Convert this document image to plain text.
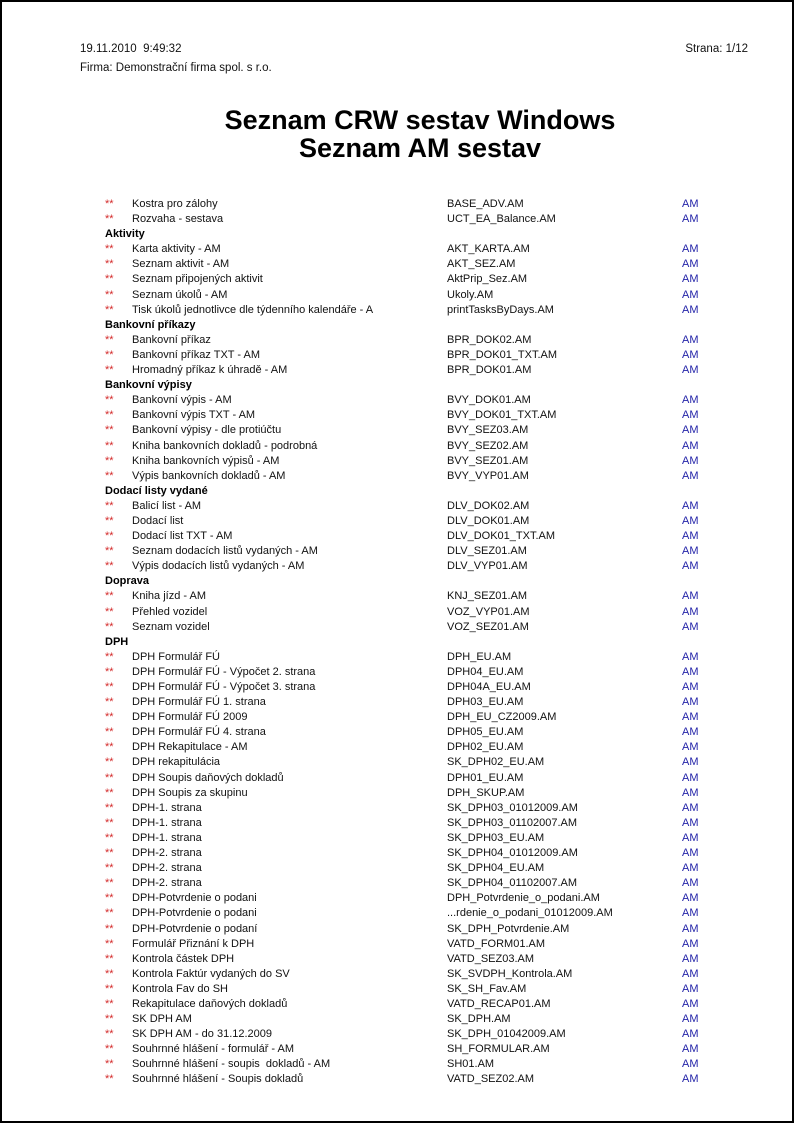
19.11.2010  9:49:32	Strana: 1/12
Firma: Demonstrační firma spol. s r.o.
Seznam CRW sestav Windows
Seznam AM sestav
** Kostra pro zálohy	BASE_ADV.AM	AM
** Rozvaha - sestava	UCT_EA_Balance.AM	AM
Aktivity
** Karta aktivity - AM	AKT_KARTA.AM	AM
** Seznam aktivit - AM	AKT_SEZ.AM	AM
** Seznam připojených aktivit	AktPrip_Sez.AM	AM
** Seznam úkolů - AM	Ukoly.AM	AM
** Tisk úkolů jednotlivce dle týdenního kalendáře - A	printTasksByDays.AM	AM
Bankovní příkazy
** Bankovní příkaz	BPR_DOK02.AM	AM
** Bankovní příkaz TXT - AM	BPR_DOK01_TXT.AM	AM
** Hromadný příkaz k úhradě - AM	BPR_DOK01.AM	AM
Bankovní výpisy
** Bankovní výpis - AM	BVY_DOK01.AM	AM
** Bankovní výpis TXT - AM	BVY_DOK01_TXT.AM	AM
** Bankovní výpisy - dle protiúčtu	BVY_SEZ03.AM	AM
** Kniha bankovních dokladů - podrobná	BVY_SEZ02.AM	AM
** Kniha bankovních výpisů - AM	BVY_SEZ01.AM	AM
** Výpis bankovních dokladů - AM	BVY_VYP01.AM	AM
Dodací listy vydané
** Balicí list - AM	DLV_DOK02.AM	AM
** Dodací list	DLV_DOK01.AM	AM
** Dodací list TXT - AM	DLV_DOK01_TXT.AM	AM
** Seznam dodacích listů vydaných - AM	DLV_SEZ01.AM	AM
** Výpis dodacích listů vydaných - AM	DLV_VYP01.AM	AM
Doprava
** Kniha jízd - AM	KNJ_SEZ01.AM	AM
** Přehled vozidel	VOZ_VYP01.AM	AM
** Seznam vozidel	VOZ_SEZ01.AM	AM
DPH
** DPH Formulář FÚ	DPH_EU.AM	AM
** DPH Formulář FÚ - Výpočet 2. strana	DPH04_EU.AM	AM
** DPH Formulář FÚ - Výpočet 3. strana	DPH04A_EU.AM	AM
** DPH Formulář FÚ 1. strana	DPH03_EU.AM	AM
** DPH Formulář FÚ 2009	DPH_EU_CZ2009.AM	AM
** DPH Formulář FÚ 4. strana	DPH05_EU.AM	AM
** DPH Rekapitulace - AM	DPH02_EU.AM	AM
** DPH rekapitulácia	SK_DPH02_EU.AM	AM
** DPH Soupis daňových dokladů	DPH01_EU.AM	AM
** DPH Soupis za skupinu	DPH_SKUP.AM	AM
** DPH-1. strana	SK_DPH03_01012009.AM	AM
** DPH-1. strana	SK_DPH03_01102007.AM	AM
** DPH-1. strana	SK_DPH03_EU.AM	AM
** DPH-2. strana	SK_DPH04_01012009.AM	AM
** DPH-2. strana	SK_DPH04_EU.AM	AM
** DPH-2. strana	SK_DPH04_01102007.AM	AM
** DPH-Potvrdenie o podani	DPH_Potvrdenie_o_podani.AM	AM
** DPH-Potvrdenie o podani	...rdenie_o_podani_01012009.AM	AM
** DPH-Potvrdenie o podaní	SK_DPH_Potvrdenie.AM	AM
** Formulář Přiznání k DPH	VATD_FORM01.AM	AM
** Kontrola částek DPH	VATD_SEZ03.AM	AM
** Kontrola Faktúr vydaných do SV	SK_SVDPH_Kontrola.AM	AM
** Kontrola Fav do SH	SK_SH_Fav.AM	AM
** Rekapitulace daňových dokladů	VATD_RECAP01.AM	AM
** SK DPH AM	SK_DPH.AM	AM
** SK DPH AM - do 31.12.2009	SK_DPH_01042009.AM	AM
** Souhrnné hlášení - formulář - AM	SH_FORMULAR.AM	AM
** Souhrnné hlášení - soupis  dokladů - AM	SH01.AM	AM
** Souhrnné hlášení - Soupis dokladů	VATD_SEZ02.AM	AM
